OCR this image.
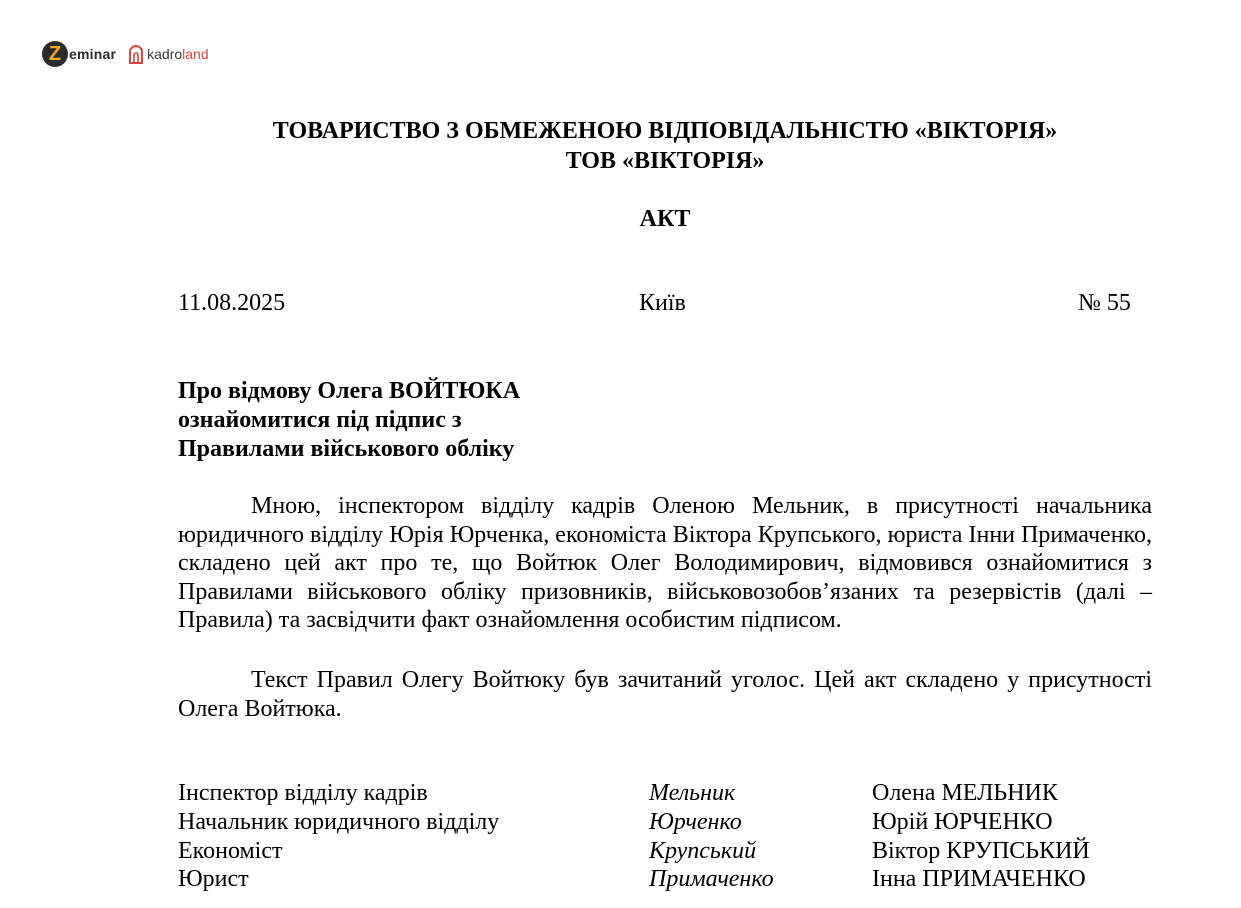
Z eminar kadroland
ТОВАРИСТВО З ОБМЕЖЕНОЮ ВІДПОВІДАЛЬНІСТЮ «ВІКТОРІЯ»
ТОВ «ВІКТОРІЯ»
АКТ
11.08.2025	Київ	№ 55
Про відмову Олега ВОЙТЮКА
ознайомитися під підпис з
Правилами військового обліку

Мною, інспектором відділу кадрів Оленою Мельник, в присутності начальника юридичного відділу Юрія Юрченка, економіста Віктора Крупського, юриста Інни Примаченко, складено цей акт про те, що Войтюк Олег Володимирович, відмовився ознайомитися з Правилами військового обліку призовників, військовозобов’язаних та резервістів (далі – Правила) та засвідчити факт ознайомлення особистим підписом.

Текст Правил Олегу Войтюку був зачитаний уголос. Цей акт складено у присутності Олега Войтюка.

Інспектор відділу кадрів	Мельник	Олена МЕЛЬНИК
Начальник юридичного відділу	Юрченко	Юрій ЮРЧЕНКО
Економіст	Крупський	Віктор КРУПСЬКИЙ
Юрист	Примаченко	Інна ПРИМАЧЕНКО
